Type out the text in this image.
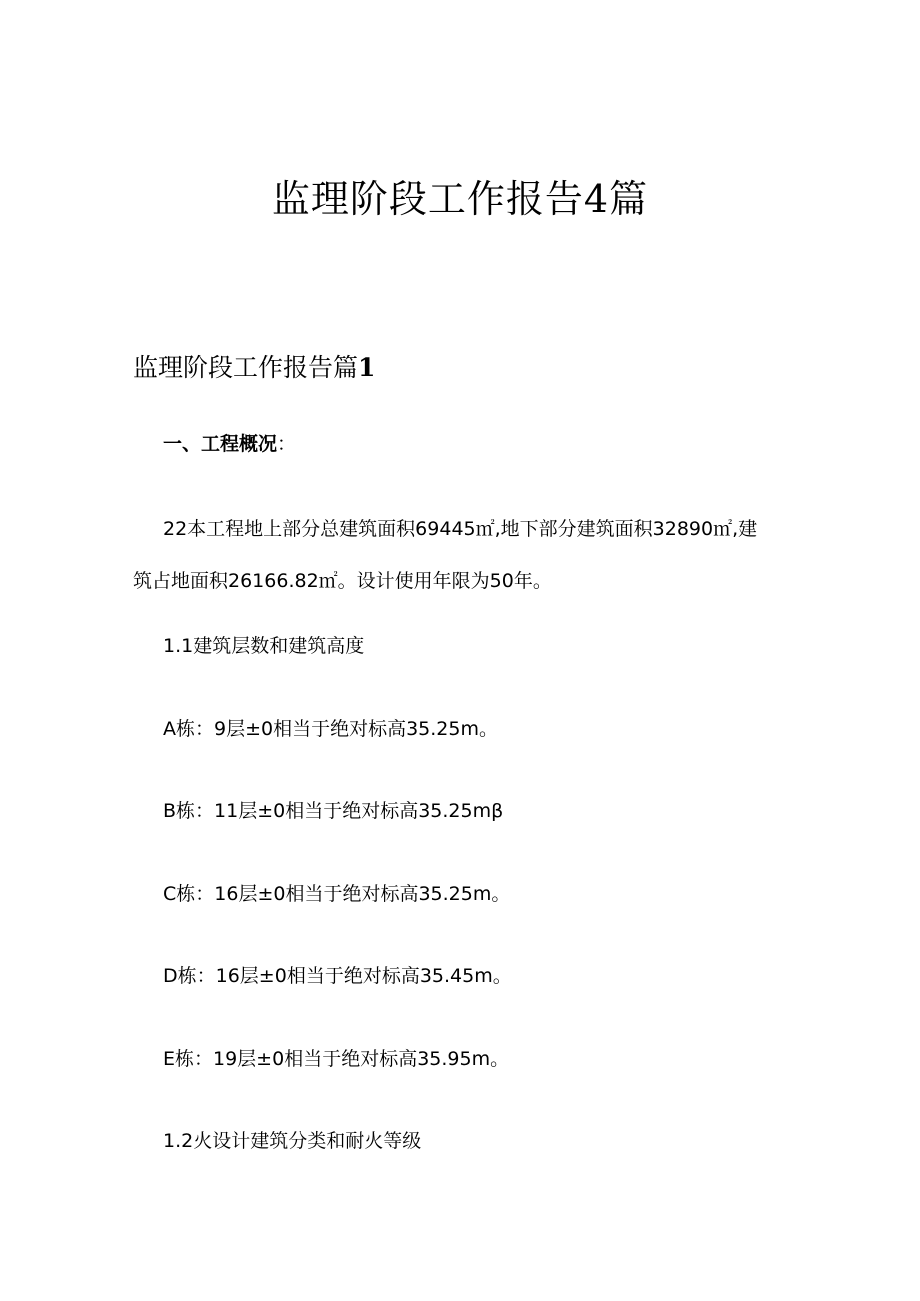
监理阶段工作报告4篇
监理阶段工作报告篇1
一、工程概况：
22本工程地上部分总建筑面积69445㎡,地下部分建筑面积32890㎡,建
筑占地面积26166.82㎡。设计使用年限为50年。
1.1建筑层数和建筑高度
A栋：9层±0相当于绝对标高35.25m。
B栋：11层±0相当于绝对标高35.25mβ
C栋：16层±0相当于绝对标高35.25m。
D栋：16层±0相当于绝对标高35.45m。
E栋：19层±0相当于绝对标高35.95m。
1.2火设计建筑分类和耐火等级
